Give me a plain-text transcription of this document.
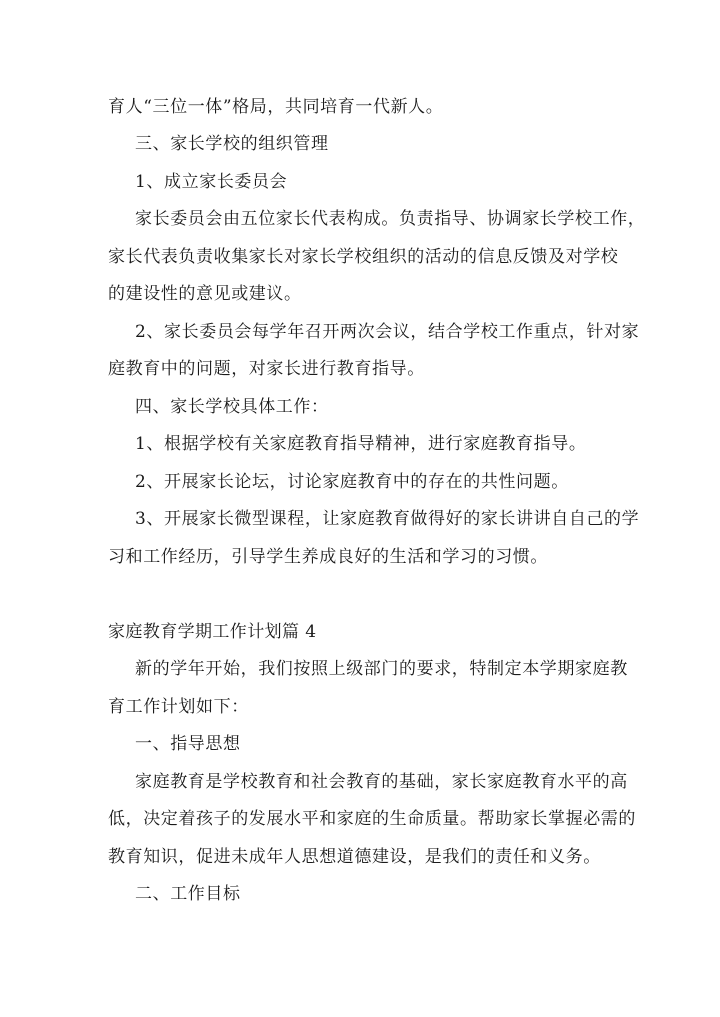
育人“三位一体”格局，共同培育一代新人。
三、家长学校的组织管理
1、成立家长委员会
家长委员会由五位家长代表构成。负责指导、协调家长学校工作，
家长代表负责收集家长对家长学校组织的活动的信息反馈及对学校
的建设性的意见或建议。
2、家长委员会每学年召开两次会议，结合学校工作重点，针对家
庭教育中的问题，对家长进行教育指导。
四、家长学校具体工作：
1、根据学校有关家庭教育指导精神，进行家庭教育指导。
2、开展家长论坛，讨论家庭教育中的存在的共性问题。
3、开展家长微型课程，让家庭教育做得好的家长讲讲自自己的学
习和工作经历，引导学生养成良好的生活和学习的习惯。
家庭教育学期工作计划篇 4
新的学年开始，我们按照上级部门的要求，特制定本学期家庭教
育工作计划如下：
一、指导思想
家庭教育是学校教育和社会教育的基础，家长家庭教育水平的高
低，决定着孩子的发展水平和家庭的生命质量。帮助家长掌握必需的
教育知识，促进未成年人思想道德建设，是我们的责任和义务。
二、工作目标
